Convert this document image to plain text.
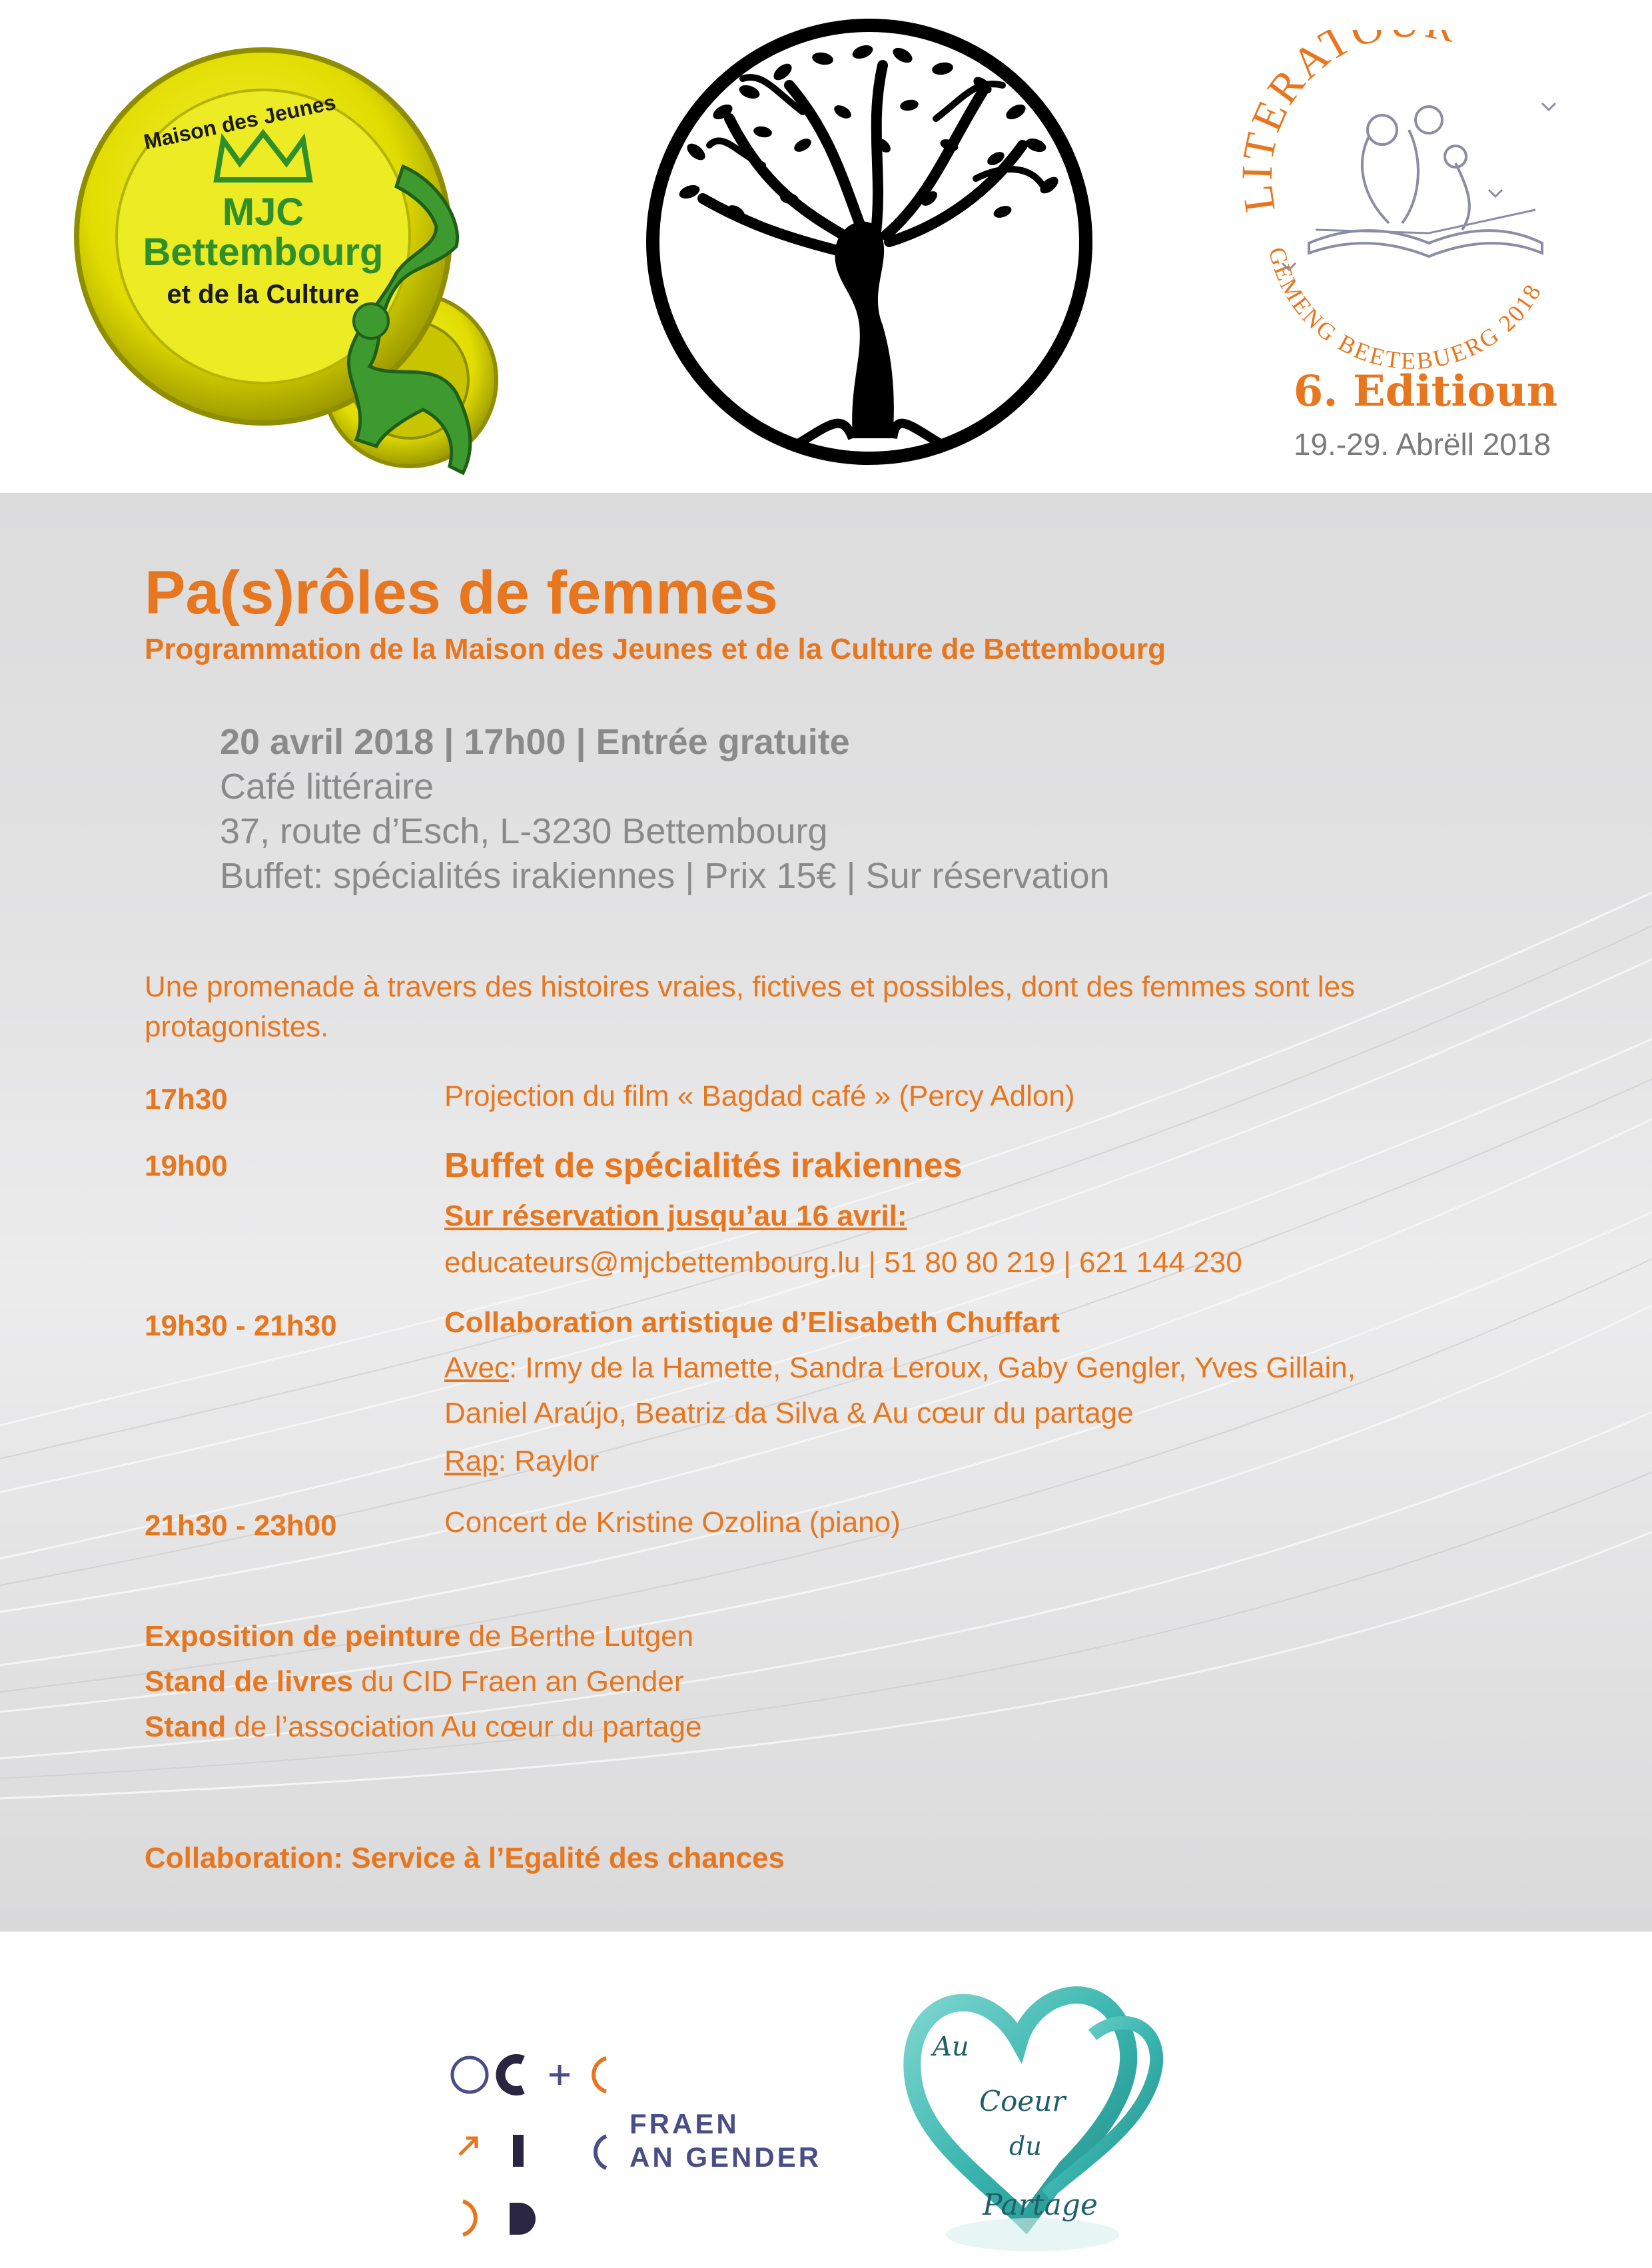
Maison des Jeunes
MJC
Bettembourg
et de la Culture
LITERAT
GEMENG BEETEBUERG 2018
6. Editioun
19.-29. Abrëll 2018
Pa(s)rôles de femmes
Programmation de la Maison des Jeunes et de la Culture de Bettembourg
20 avril 2018 | 17h00 | Entrée gratuite
Café littéraire
37, route d’Esch, L-3230 Bettembourg
Buffet: spécialités irakiennes | Prix 15€ | Sur réservation
Une promenade à travers des histoires vraies, fictives et possibles, dont des femmes sont les protagonistes.
17h30	Projection du film « Bagdad café » (Percy Adlon)
19h00	Buffet de spécialités irakiennes
Sur réservation jusqu’au 16 avril:
educateurs@mjcbettembourg.lu | 51 80 80 219 | 621 144 230
19h30 - 21h30	Collaboration artistique d’Elisabeth Chuffart
Avec: Irmy de la Hamette, Sandra Leroux, Gaby Gengler, Yves Gillain, Daniel Araújo, Beatriz da Silva & Au cœur du partage
Rap: Raylor
21h30 - 23h00	Concert de Kristine Ozolina (piano)
Exposition de peinture de Berthe Lutgen
Stand de livres du CID Fraen an Gender
Stand de l’association Au cœur du partage
Collaboration: Service à l’Egalité des chances
FRAEN
AN GENDER
Au
Coeur
du
Partage
